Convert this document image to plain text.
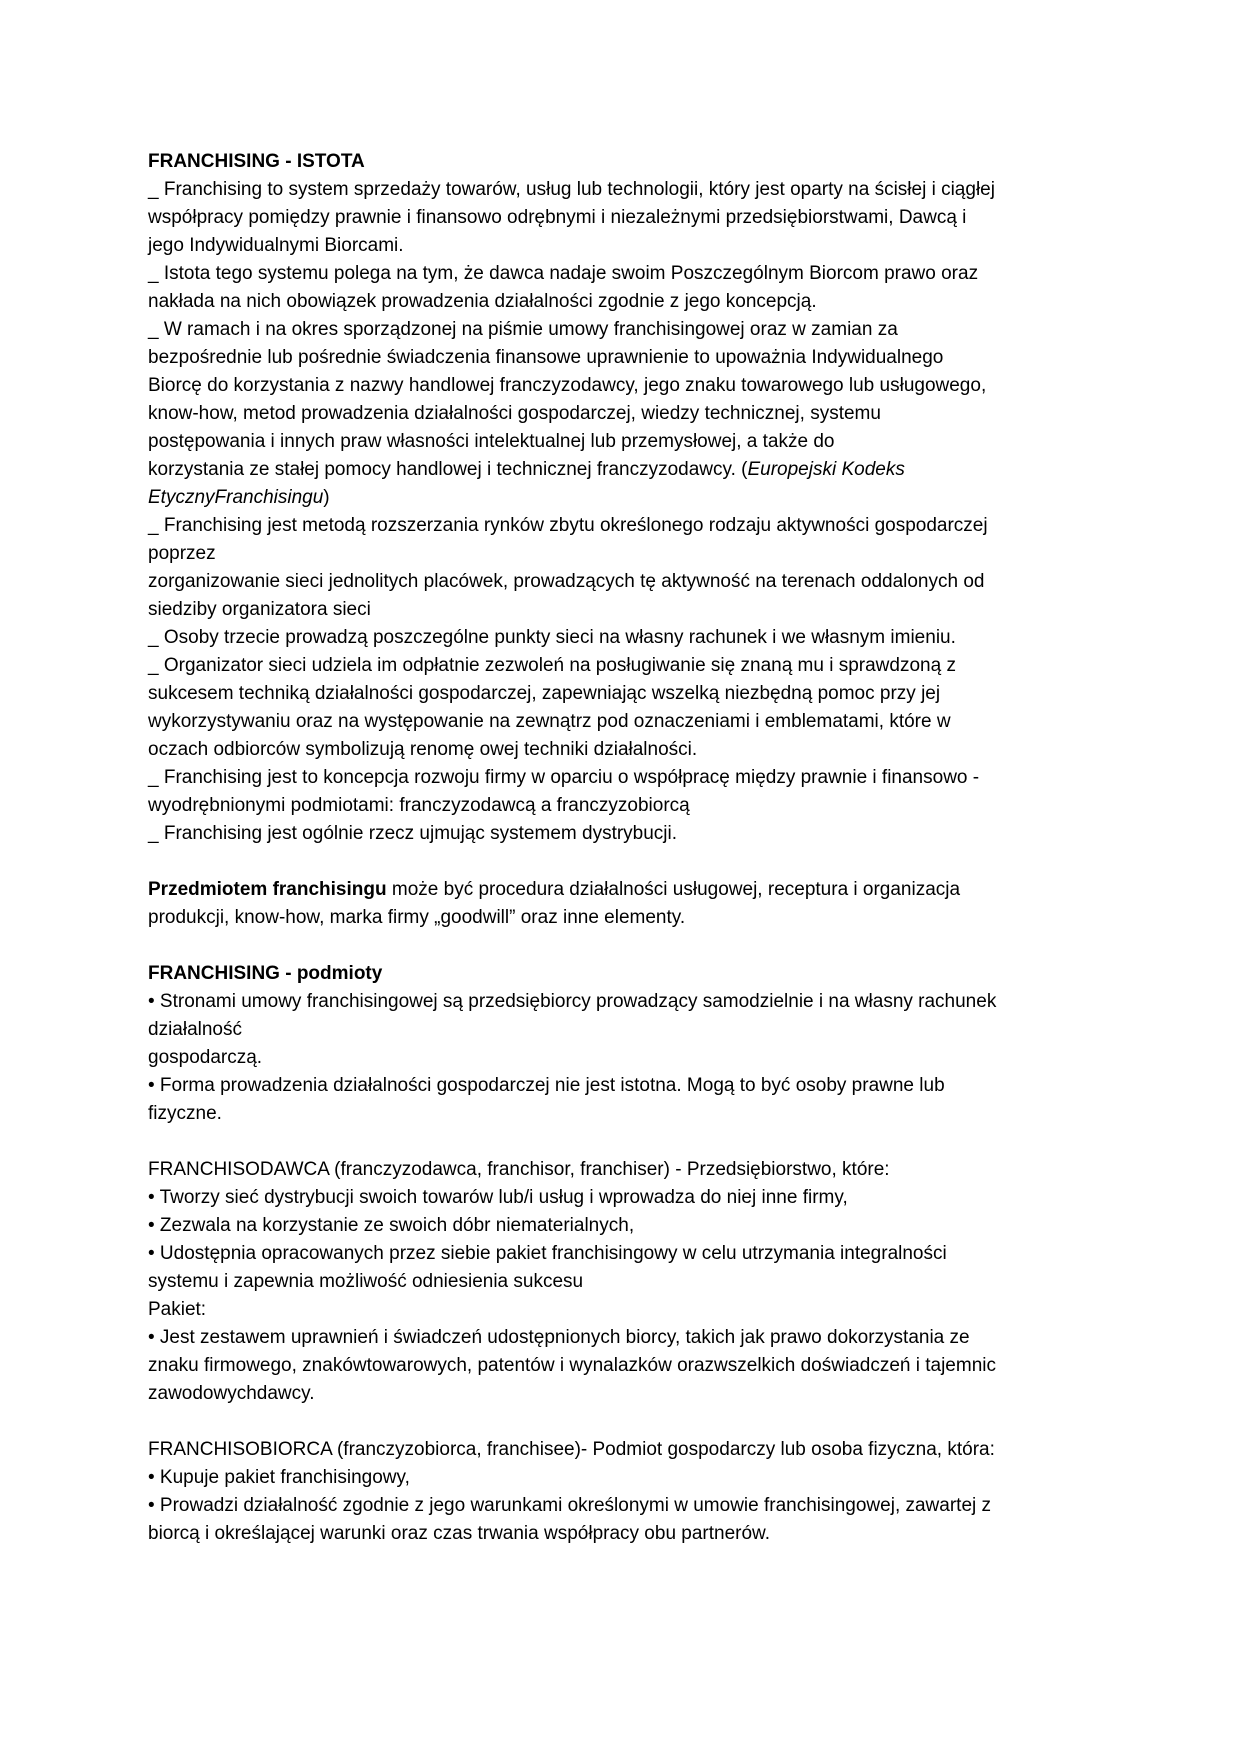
FRANCHISING - ISTOTA
_ Franchising to system sprzedaży towarów, usług lub technologii, który jest oparty na ścisłej i ciągłej
współpracy pomiędzy prawnie i finansowo odrębnymi i niezależnymi przedsiębiorstwami, Dawcą i
jego Indywidualnymi Biorcami.
_ Istota tego systemu polega na tym, że dawca nadaje swoim Poszczególnym Biorcom prawo oraz
nakłada na nich obowiązek prowadzenia działalności zgodnie z jego koncepcją.
_ W ramach i na okres sporządzonej na piśmie umowy franchisingowej oraz w zamian za
bezpośrednie lub pośrednie świadczenia finansowe uprawnienie to upoważnia Indywidualnego
Biorcę do korzystania z nazwy handlowej franczyzodawcy, jego znaku towarowego lub usługowego,
know-how, metod prowadzenia działalności gospodarczej, wiedzy technicznej, systemu
postępowania i innych praw własności intelektualnej lub przemysłowej, a także do
korzystania ze stałej pomocy handlowej i technicznej franczyzodawcy. (Europejski Kodeks
EtycznyFranchisingu)
_ Franchising jest metodą rozszerzania rynków zbytu określonego rodzaju aktywności gospodarczej
poprzez
zorganizowanie sieci jednolitych placówek, prowadzących tę aktywność na terenach oddalonych od
siedziby organizatora sieci
_ Osoby trzecie prowadzą poszczególne punkty sieci na własny rachunek i we własnym imieniu.
_ Organizator sieci udziela im odpłatnie zezwoleń na posługiwanie się znaną mu i sprawdzoną z
sukcesem techniką działalności gospodarczej, zapewniając wszelką niezbędną pomoc przy jej
wykorzystywaniu oraz na występowanie na zewnątrz pod oznaczeniami i emblematami, które w
oczach odbiorców symbolizują renomę owej techniki działalności.
_ Franchising jest to koncepcja rozwoju firmy w oparciu o współpracę między prawnie i finansowo -
wyodrębnionymi podmiotami: franczyzodawcą a franczyzobiorcą
_ Franchising jest ogólnie rzecz ujmując systemem dystrybucji.
Przedmiotem franchisingu może być procedura działalności usługowej, receptura i organizacja
produkcji, know-how, marka firmy „goodwill” oraz inne elementy.
FRANCHISING - podmioty
• Stronami umowy franchisingowej są przedsiębiorcy prowadzący samodzielnie i na własny rachunek
działalność
gospodarczą.
• Forma prowadzenia działalności gospodarczej nie jest istotna. Mogą to być osoby prawne lub
fizyczne.
FRANCHISODAWCA (franczyzodawca, franchisor, franchiser) - Przedsiębiorstwo, które:
• Tworzy sieć dystrybucji swoich towarów lub/i usług i wprowadza do niej inne firmy,
• Zezwala na korzystanie ze swoich dóbr niematerialnych,
• Udostępnia opracowanych przez siebie pakiet franchisingowy w celu utrzymania integralności
systemu i zapewnia możliwość odniesienia sukcesu
Pakiet:
• Jest zestawem uprawnień i świadczeń udostępnionych biorcy, takich jak prawo dokorzystania ze
znaku firmowego, znakówtowarowych, patentów i wynalazków orazwszelkich doświadczeń i tajemnic
zawodowychdawcy.
FRANCHISOBIORCA (franczyzobiorca, franchisee)- Podmiot gospodarczy lub osoba fizyczna, która:
• Kupuje pakiet franchisingowy,
• Prowadzi działalność zgodnie z jego warunkami określonymi w umowie franchisingowej, zawartej z
biorcą i określającej warunki oraz czas trwania współpracy obu partnerów.
